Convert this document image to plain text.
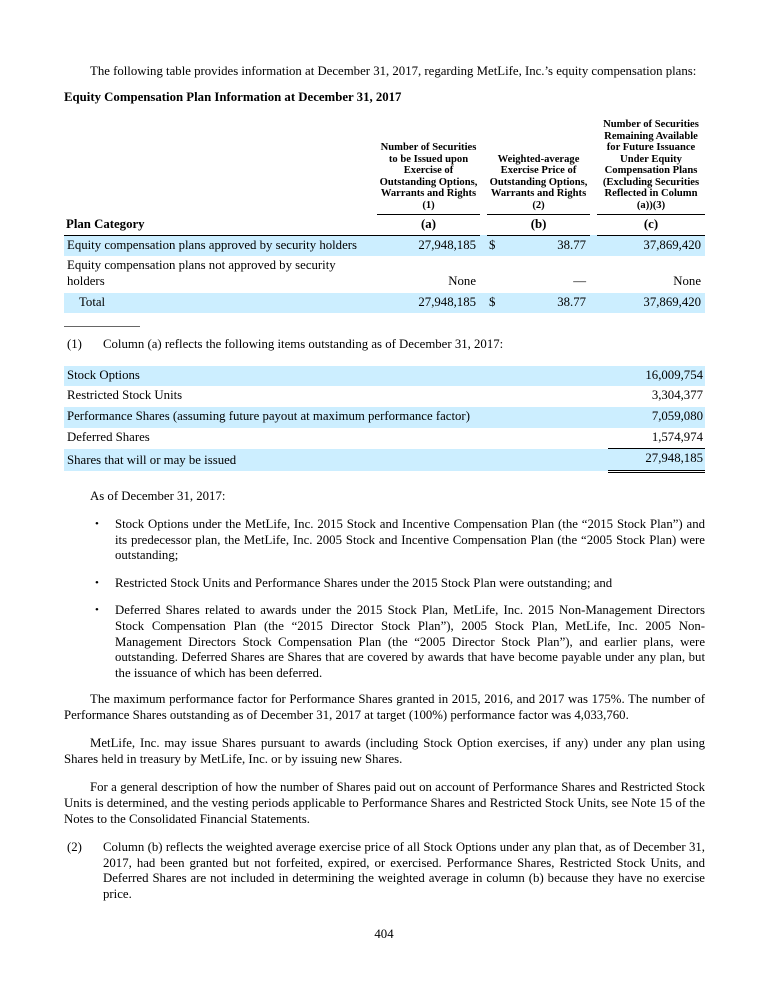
The following table provides information at December 31, 2017, regarding MetLife, Inc.’s equity compensation plans:

Equity Compensation Plan Information at December 31, 2017

		Number of Securities to be Issued upon Exercise of Outstanding Options, Warrants and Rights (1)		Weighted-average Exercise Price of Outstanding Options, Warrants and Rights (2)			Number of Securities Remaining Available for Future Issuance Under Equity Compensation Plans (Excluding Securities Reflected in Column (a))(3)
Plan Category		(a)		(b)			(c)
Equity compensation plans approved by security holders		27,948,185		$	38.77		37,869,420
Equity compensation plans not approved by security holders		None			—		None
Total		27,948,185		$	38.77		37,869,420
(1)	Column (a) reflects the following items outstanding as of December 31, 2017:
Stock Options	16,009,754
Restricted Stock Units	3,304,377
Performance Shares (assuming future payout at maximum performance factor)	7,059,080
Deferred Shares	1,574,974
Shares that will or may be issued	27,948,185

As of December 31, 2017:

•	Stock Options under the MetLife, Inc. 2015 Stock and Incentive Compensation Plan (the “2015 Stock Plan”) and its predecessor plan, the MetLife, Inc. 2005 Stock and Incentive Compensation Plan (the “2005 Stock Plan) were outstanding;
•	Restricted Stock Units and Performance Shares under the 2015 Stock Plan were outstanding; and
•	Deferred Shares related to awards under the 2015 Stock Plan, MetLife, Inc. 2015 Non-Management Directors Stock Compensation Plan (the “2015 Director Stock Plan”), 2005 Stock Plan, MetLife, Inc. 2005 Non-Management Directors Stock Compensation Plan (the “2005 Director Stock Plan”), and earlier plans, were outstanding. Deferred Shares are Shares that are covered by awards that have become payable under any plan, but the issuance of which has been deferred.

The maximum performance factor for Performance Shares granted in 2015, 2016, and 2017 was 175%. The number of Performance Shares outstanding as of December 31, 2017 at target (100%) performance factor was 4,033,760.

MetLife, Inc. may issue Shares pursuant to awards (including Stock Option exercises, if any) under any plan using Shares held in treasury by MetLife, Inc. or by issuing new Shares.

For a general description of how the number of Shares paid out on account of Performance Shares and Restricted Stock Units is determined, and the vesting periods applicable to Performance Shares and Restricted Stock Units, see Note 15 of the Notes to the Consolidated Financial Statements.

(2)	Column (b) reflects the weighted average exercise price of all Stock Options under any plan that, as of December 31, 2017, had been granted but not forfeited, expired, or exercised. Performance Shares, Restricted Stock Units, and Deferred Shares are not included in determining the weighted average in column (b) because they have no exercise price.
404
